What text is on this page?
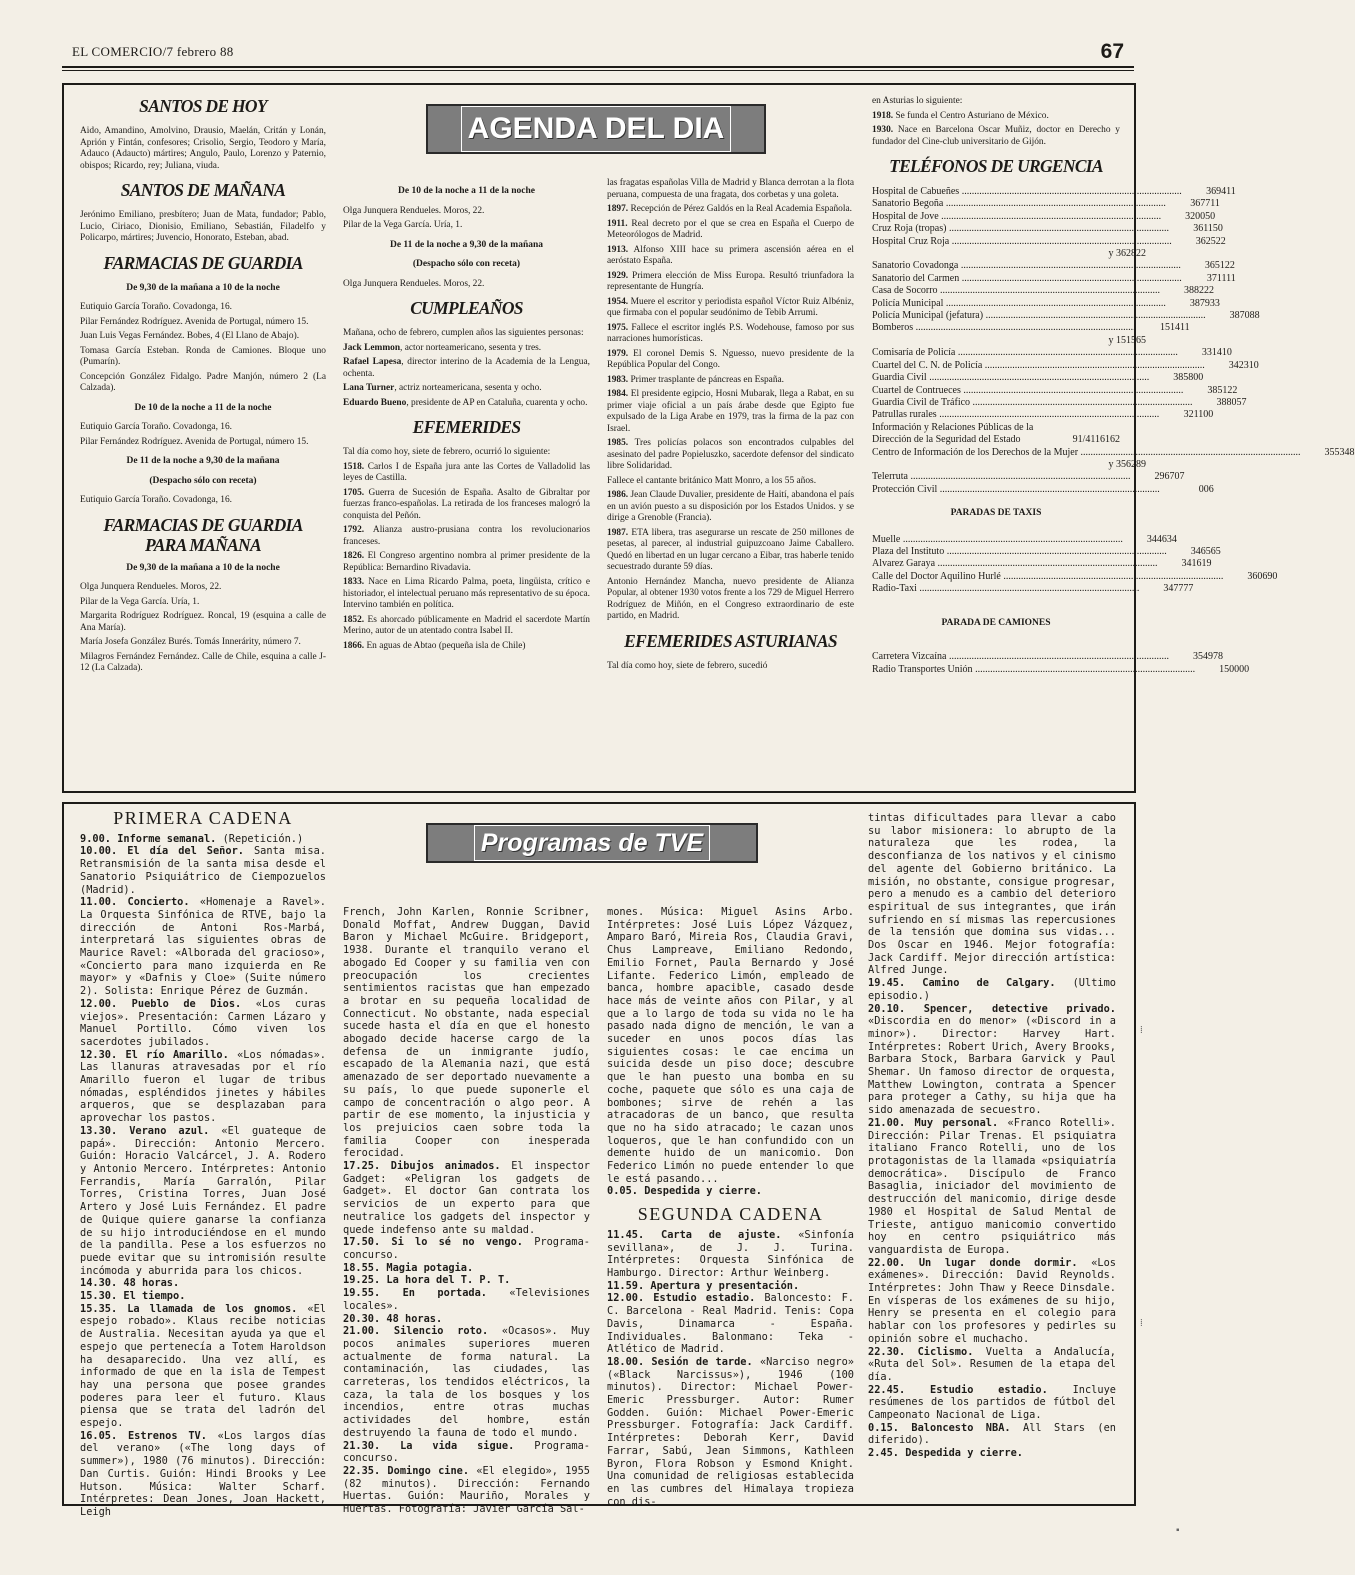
EL COMERCIO/7 febrero 88	67
AGENDA DEL DIA
SANTOS DE HOY

Aido, Amandino, Amolvino, Drausio, Maelán, Critán y Lonán, Aprión y Fintán, confesores; Crisolio, Sergio, Teodoro y María, Adauco (Adaucto) mártires; Angulo, Paulo, Lorenzo y Paternio, obispos; Ricardo, rey; Juliana, viuda.

SANTOS DE MAÑANA

Jerónimo Emiliano, presbítero; Juan de Mata, fundador; Pablo, Lucio, Ciriaco, Dionisio, Emiliano, Sebastián, Filadelfo y Policarpo, mártires; Juvencio, Honorato, Esteban, abad.

FARMACIAS DE GUARDIA
De 9,30 de la mañana a 10 de la noche

Eutiquio García Toraño. Covadonga, 16.

Pilar Fernández Rodríguez. Avenida de Portugal, número 15.

Juan Luis Vegas Fernández. Bobes, 4 (El Llano de Abajo).

Tomasa García Esteban. Ronda de Camiones. Bloque uno (Pumarín).

Concepción González Fidalgo. Padre Manjón, número 2 (La Calzada).

De 10 de la noche a 11 de la noche

Eutiquio García Toraño. Covadonga, 16.

Pilar Fernández Rodríguez. Avenida de Portugal, número 15.

De 11 de la noche a 9,30 de la mañana
(Despacho sólo con receta)

Eutiquio García Toraño. Covadonga, 16.

FARMACIAS DE GUARDIA
PARA MAÑANA
De 9,30 de la mañana a 10 de la noche

Olga Junquera Rendueles. Moros, 22.

Pilar de la Vega García. Uría, 1.

Margarita Rodríguez Rodríguez. Roncal, 19 (esquina a calle de Ana María).

María Josefa González Burés. Tomás Innerárity, número 7.

Milagros Fernández Fernández. Calle de Chile, esquina a calle J-12 (La Calzada).

De 10 de la noche a 11 de la noche

Olga Junquera Rendueles. Moros, 22.

Pilar de la Vega García. Uría, 1.

De 11 de la noche a 9,30 de la mañana
(Despacho sólo con receta)

Olga Junquera Rendueles. Moros, 22.

CUMPLEAÑOS

Mañana, ocho de febrero, cumplen años las siguientes personas:

Jack Lemmon, actor norteamericano, sesenta y tres.

Rafael Lapesa, director interino de la Academia de la Lengua, ochenta.

Lana Turner, actriz norteamericana, sesenta y ocho.

Eduardo Bueno, presidente de AP en Cataluña, cuarenta y ocho.

EFEMERIDES

Tal día como hoy, siete de febrero, ocurrió lo siguiente:

1518. Carlos I de España jura ante las Cortes de Valladolid las leyes de Castilla.

1705. Guerra de Sucesión de España. Asalto de Gibraltar por fuerzas franco-españolas. La retirada de los franceses malogró la conquista del Peñón.

1792. Alianza austro-prusiana contra los revolucionarios franceses.

1826. El Congreso argentino nombra al primer presidente de la República: Bernardino Rivadavia.

1833. Nace en Lima Ricardo Palma, poeta, lingüista, crítico e historiador, el intelectual peruano más representativo de su época. Intervino también en política.

1852. Es ahorcado públicamente en Madrid el sacerdote Martín Merino, autor de un atentado contra Isabel II.

1866. En aguas de Abtao (pequeña isla de Chile)

las fragatas españolas Villa de Madrid y Blanca derrotan a la flota peruana, compuesta de una fragata, dos corbetas y una goleta.

1897. Recepción de Pérez Galdós en la Real Academia Española.

1911. Real decreto por el que se crea en España el Cuerpo de Meteorólogos de Madrid.

1913. Alfonso XIII hace su primera ascensión aérea en el aeróstato España.

1929. Primera elección de Miss Europa. Resultó triunfadora la representante de Hungría.

1954. Muere el escritor y periodista español Víctor Ruiz Albéniz, que firmaba con el popular seudónimo de Tebib Arrumi.

1975. Fallece el escritor inglés P.S. Wodehouse, famoso por sus narraciones humorísticas.

1979. El coronel Demis S. Nguesso, nuevo presidente de la República Popular del Congo.

1983. Primer trasplante de páncreas en España.

1984. El presidente egipcio, Hosni Mubarak, llega a Rabat, en su primer viaje oficial a un país árabe desde que Egipto fue expulsado de la Liga Arabe en 1979, tras la firma de la paz con Israel.

1985. Tres policías polacos son encontrados culpables del asesinato del padre Popieluszko, sacerdote defensor del sindicato libre Solidaridad.

Fallece el cantante británico Matt Monro, a los 55 años.

1986. Jean Claude Duvalier, presidente de Haití, abandona el país en un avión puesto a su disposición por los Estados Unidos. y se dirige a Grenoble (Francia).

1987. ETA libera, tras asegurarse un rescate de 250 millones de pesetas, al parecer, al industrial guipuzcoano Jaime Caballero. Quedó en libertad en un lugar cercano a Eibar, tras haberle tenido secuestrado durante 59 días.

Antonio Hernández Mancha, nuevo presidente de Alianza Popular, al obtener 1930 votos frente a los 729 de Miguel Herrero Rodríguez de Miñón, en el Congreso extraordinario de este partido, en Madrid.

EFEMERIDES ASTURIANAS

Tal día como hoy, siete de febrero, sucedió

en Asturias lo siguiente:

1918. Se funda el Centro Asturiano de México.

1930. Nace en Barcelona Oscar Muñiz, doctor en Derecho y fundador del Cine-club universitario de Gijón.

TELÉFONOS DE URGENCIA
Hospital de Cabueñes .....	369411
Sanatorio Begoña .....	367711
Hospital de Jove .....	320050
Cruz Roja (tropas) .....	361150
Hospital Cruz Roja .....	362522
y 362822
Sanatorio Covadonga .....	365122
Sanatorio del Carmen .....	371111
Casa de Socorro .....	388222
Policía Municipal .....	387933
Policía Municipal (jefatura) .....	387088
Bomberos .....	151411
y 151565
Comisaría de Policía .....	331410
Cuartel del C. N. de Policía .....	342310
Guardia Civil .....	385800
Cuartel de Contrueces .....	385122
Guardia Civil de Tráfico .....	388057
Patrullas rurales .....	321100
Información y Relaciones Públicas de la Dirección de la Seguridad del Estado	91/4116162
Centro de Información de los Derechos de la Mujer .....	355348
y 356289
Telerruta .....	296707
Protección Civil .....	006
PARADAS DE TAXIS
Muelle .....	344634
Plaza del Instituto .....	346565
Alvarez Garaya .....	341619
Calle del Doctor Aquilino Hurlé .....	360690
Radio-Taxi .....	347777
PARADA DE CAMIONES
Carretera Vizcaína .....	354978
Radio Transportes Unión .....	150000
Programas de TVE
PRIMERA CADENA

9.00. Informe semanal. (Repetición.)

10.00. El día del Señor. Santa misa. Retransmisión de la santa misa desde el Sanatorio Psiquiátrico de Ciempozuelos (Madrid).

11.00. Concierto. «Homenaje a Ravel». La Orquesta Sinfónica de RTVE, bajo la dirección de Antoni Ros-Marbá, interpretará las siguientes obras de Maurice Ravel: «Alborada del gracioso», «Concierto para mano izquierda en Re mayor» y «Dafnis y Cloe» (Suite número 2). Solista: Enrique Pérez de Guzmán.

12.00. Pueblo de Dios. «Los curas viejos». Presentación: Carmen Lázaro y Manuel Portillo. Cómo viven los sacerdotes jubilados.

12.30. El río Amarillo. «Los nómadas». Las llanuras atravesadas por el río Amarillo fueron el lugar de tribus nómadas, espléndidos jinetes y hábiles arqueros, que se desplazaban para aprovechar los pastos.

13.30. Verano azul. «El guateque de papá». Dirección: Antonio Mercero. Guión: Horacio Valcárcel, J. A. Rodero y Antonio Mercero. Intérpretes: Antonio Ferrandis, María Garralón, Pilar Torres, Cristina Torres, Juan José Artero y José Luis Fernández. El padre de Quique quiere ganarse la confianza de su hijo introduciéndose en el mundo de la pandilla. Pese a los esfuerzos no puede evitar que su intromisión resulte incómoda y aburrida para los chicos.

14.30. 48 horas.

15.30. El tiempo.

15.35. La llamada de los gnomos. «El espejo robado». Klaus recibe noticias de Australia. Necesitan ayuda ya que el espejo que pertenecía a Totem Haroldson ha desaparecido. Una vez allí, es informado de que en la isla de Tempest hay una persona que posee grandes poderes para leer el futuro. Klaus piensa que se trata del ladrón del espejo.

16.05. Estrenos TV. «Los largos días del verano» («The long days of summer»), 1980 (76 minutos). Dirección: Dan Curtis. Guión: Hindi Brooks y Lee Hutson. Música: Walter Scharf. Intérpretes: Dean Jones, Joan Hackett, Leigh

French, John Karlen, Ronnie Scribner, Donald Moffat, Andrew Duggan, David Baron y Michael McGuire. Bridgeport, 1938. Durante el tranquilo verano el abogado Ed Cooper y su familia ven con preocupación los crecientes sentimientos racistas que han empezado a brotar en su pequeña localidad de Connecticut. No obstante, nada especial sucede hasta el día en que el honesto abogado decide hacerse cargo de la defensa de un inmigrante judío, escapado de la Alemania nazi, que está amenazado de ser deportado nuevamente a su país, lo que puede suponerle el campo de concentración o algo peor. A partir de ese momento, la injusticia y los prejuicios caen sobre toda la familia Cooper con inesperada ferocidad.

17.25. Dibujos animados. El inspector Gadget: «Peligran los gadgets de Gadget». El doctor Gan contrata los servicios de un experto para que neutralice los gadgets del inspector y quede indefenso ante su maldad.

17.50. Si lo sé no vengo. Programa-concurso.

18.55. Magia potagia.

19.25. La hora del T. P. T.

19.55. En portada. «Televisiones locales».

20.30. 48 horas.

21.00. Silencio roto. «Ocasos». Muy pocos animales superiores mueren actualmente de forma natural. La contaminación, las ciudades, las carreteras, los tendidos eléctricos, la caza, la tala de los bosques y los incendios, entre otras muchas actividades del hombre, están destruyendo la fauna de todo el mundo.

21.30. La vida sigue. Programa-concurso.

22.35. Domingo cine. «El elegido», 1955 (82 minutos). Dirección: Fernando Huertas. Guión: Mauriño, Morales y Huertas. Fotografía: Javier García Sal-

mones. Música: Miguel Asins Arbo. Intérpretes: José Luis López Vázquez, Amparo Baró, Mireia Ros, Claudia Gravi, Chus Lampreave, Emiliano Redondo, Emilio Fornet, Paula Bernardo y José Lifante. Federico Limón, empleado de banca, hombre apacible, casado desde hace más de veinte años con Pilar, y al que a lo largo de toda su vida no le ha pasado nada digno de mención, le van a suceder en unos pocos días las siguientes cosas: le cae encima un suicida desde un piso doce; descubre que le han puesto una bomba en su coche, paquete que sólo es una caja de bombones; sirve de rehén a las atracadoras de un banco, que resulta que no ha sido atracado; le cazan unos loqueros, que le han confundido con un demente huido de un manicomio. Don Federico Limón no puede entender lo que le está pasando...

0.05. Despedida y cierre.

SEGUNDA CADENA

11.45. Carta de ajuste. «Sinfonía sevillana», de J. J. Turina. Intérpretes: Orquesta Sinfónica de Hamburgo. Director: Arthur Weinberg.

11.59. Apertura y presentación.

12.00. Estudio estadio. Baloncesto: F. C. Barcelona - Real Madrid. Tenis: Copa Davis, Dinamarca - España. Individuales. Balonmano: Teka - Atlético de Madrid.

18.00. Sesión de tarde. «Narciso negro» («Black Narcissus»), 1946 (100 minutos). Director: Michael Power-Emeric Pressburger. Autor: Rumer Godden. Guión: Michael Power-Emeric Pressburger. Fotografía: Jack Cardiff. Intérpretes: Deborah Kerr, David Farrar, Sabú, Jean Simmons, Kathleen Byron, Flora Robson y Esmond Knight. Una comunidad de religiosas establecida en las cumbres del Himalaya tropieza con dis-

tintas dificultades para llevar a cabo su labor misionera: lo abrupto de la naturaleza que les rodea, la desconfianza de los nativos y el cinismo del agente del Gobierno británico. La misión, no obstante, consigue progresar, pero a menudo es a cambio del deterioro espiritual de sus integrantes, que irán sufriendo en sí mismas las repercusiones de la tensión que domina sus vidas... Dos Oscar en 1946. Mejor fotografía: Jack Cardiff. Mejor dirección artística: Alfred Junge.

19.45. Camino de Calgary. (Ultimo episodio.)

20.10. Spencer, detective privado. «Discordia en do menor» («Discord in a minor»). Director: Harvey Hart. Intérpretes: Robert Urich, Avery Brooks, Barbara Stock, Barbara Garvick y Paul Shemar. Un famoso director de orquesta, Matthew Lowington, contrata a Spencer para proteger a Cathy, su hija que ha sido amenazada de secuestro.

21.00. Muy personal. «Franco Rotelli». Dirección: Pilar Trenas. El psiquiatra italiano Franco Rotelli, uno de los protagonistas de la llamada «psiquiatría democrática». Discípulo de Franco Basaglia, iniciador del movimiento de destrucción del manicomio, dirige desde 1980 el Hospital de Salud Mental de Trieste, antiguo manicomio convertido hoy en centro psiquiátrico más vanguardista de Europa.

22.00. Un lugar donde dormir. «Los exámenes». Dirección: David Reynolds. Intérpretes: John Thaw y Reece Dinsdale. En vísperas de los exámenes de su hijo, Henry se presenta en el colegio para hablar con los profesores y pedirles su opinión sobre el muchacho.

22.30. Ciclismo. Vuelta a Andalucía, «Ruta del Sol». Resumen de la etapa del día.

22.45. Estudio estadio. Incluye resúmenes de los partidos de fútbol del Campeonato Nacional de Liga.

0.15. Baloncesto NBA. All Stars (en diferido).

2.45. Despedida y cierre.

⁞
⁞
▪
